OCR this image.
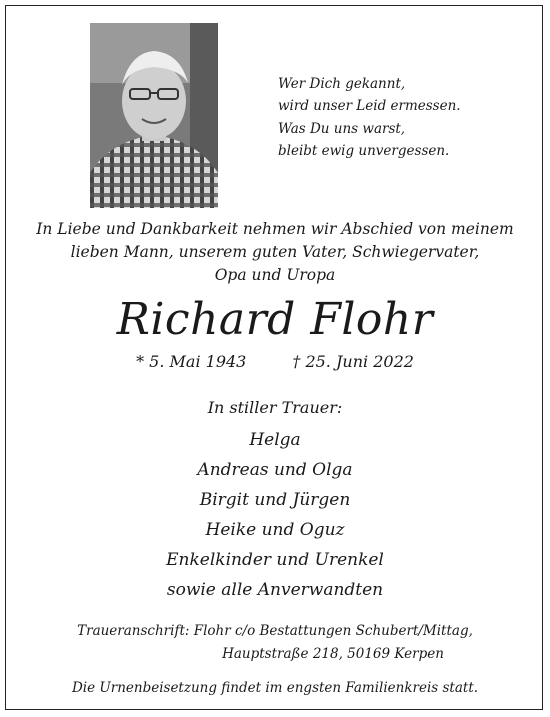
Wer Dich gekannt,
wird unser Leid ermessen.
Was Du uns warst,
bleibt ewig unvergessen.
In Liebe und Dankbarkeit nehmen wir Abschied von meinem
lieben Mann, unserem guten Vater, Schwiegervater,
Opa und Uropa
Richard Flohr
* 5. Mai 1943	† 25. Juni 2022
In stiller Trauer:
Helga
Andreas und Olga
Birgit und Jürgen
Heike und Oguz
Enkelkinder und Urenkel
sowie alle Anverwandten
Traueranschrift: Flohr c/o Bestattungen Schubert/Mittag,
Hauptstraße 218, 50169 Kerpen
Die Urnenbeisetzung findet im engsten Familienkreis statt.
